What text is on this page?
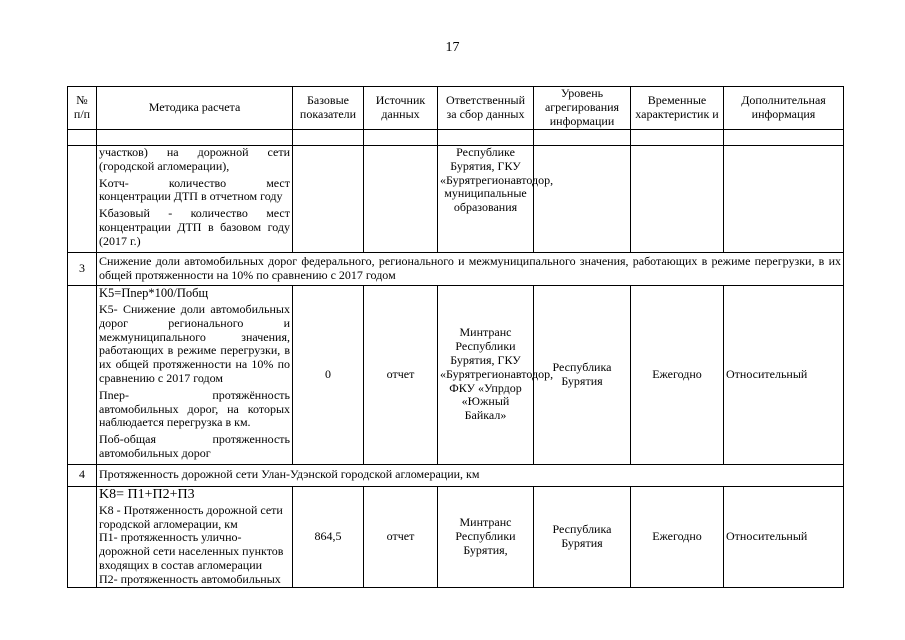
17
№ п/п	Методика расчета	Базовые показатели	Источник данных	Ответственный за сбор данных	Уровень агрегирования информации	Временные характеристик и	Дополнительная информация

	участков) на дорожной сети (городской агломерации),

Kотч- количество мест концентрации ДТП в отчетном году

Kбазовый - количество мест концентрации ДТП в базовом году (2017 г.)			Республике Бурятия, ГКУ «Бурятрегионавтодор, муниципальные образования			
3	Снижение доли автомобильных дорог федерального, регионального и межмуниципального значения, работающих в режиме перегрузки, в их общей протяженности на 10% по сравнению с 2017 годом						

	K5=Пnep*100/Побщ

K5- Снижение доли автомобильных дорог регионального и межмуниципального значения, работающих в режиме перегрузки, в их общей протяженности на 10% по сравнению с 2017 годом

Пnep- протяжённость автомобильных дорог, на которых наблюдается перегрузка в км.

Поб-общая протяженность автомобильных дорог	0	отчет	Минтранс Республики Бурятия, ГКУ «Бурятрегионавтодор, ФКУ «Упрдор «Южный Байкал»	Республика Бурятия	Ежегодно	Относительный
4	Протяженность дорожной сети Улан-Удэнской городской агломерации, км						

	K8= П1+П2+П3
K8 - Протяженность дорожной сети городской агломерации, км
П1- протяженность улично-дорожной сети населенных пунктов входящих в состав агломерации
П2- протяженность автомобильных	864,5	отчет	Минтранс Республики Бурятия,	Республика Бурятия	Ежегодно	Относительный
